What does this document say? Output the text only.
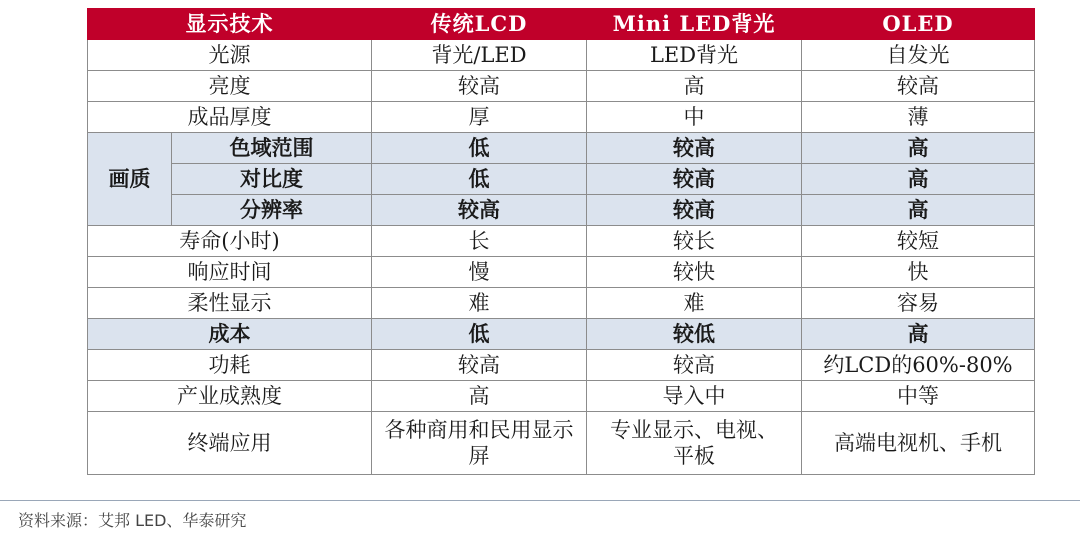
显示技术		传统LCD	Mini LED背光	OLED
光源		背光/LED	LED背光	自发光
亮度		较高	高	较高
成品厚度		厚	中	薄
画质	色域范围	低	较高	高
	对比度	低	较高	高
	分辨率	较高	较高	高
寿命(小时)		长	较长	较短
响应时间		慢	较快	快
柔性显示		难	难	容易
成本		低	较低	高
功耗		较高	较高	约LCD的60%-80%
产业成熟度		高	导入中	中等
终端应用		各种商用和民用显示屏	专业显示、电视、平板	高端电视机、手机
资料来源：艾邦 LED、华泰研究
